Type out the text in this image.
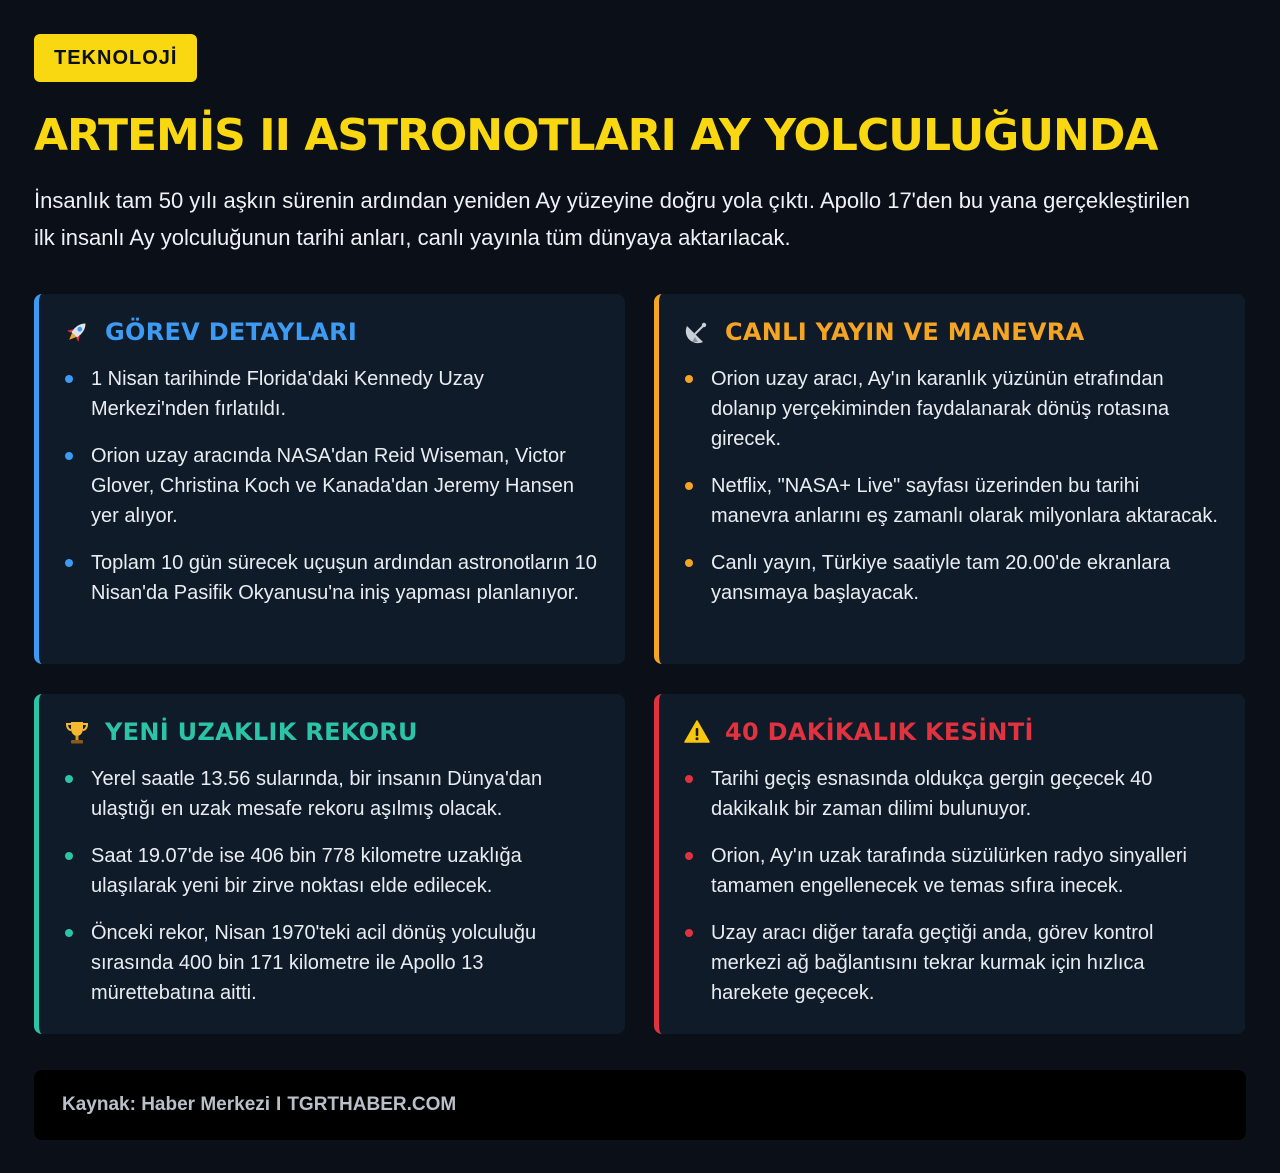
TEKNOLOJİ
ARTEMİS II ASTRONOTLARI AY YOLCULUĞUNDA

İnsanlık tam 50 yılı aşkın sürenin ardından yeniden Ay yüzeyine doğru yola çıktı. Apollo 17'den bu yana gerçekleştirilen ilk insanlı Ay yolculuğunun tarihi anları, canlı yayınla tüm dünyaya aktarılacak.

GÖREV DETAYLARI
1 Nisan tarihinde Florida'daki Kennedy Uzay Merkezi'nden fırlatıldı.
Orion uzay aracında NASA'dan Reid Wiseman, Victor Glover, Christina Koch ve Kanada'dan Jeremy Hansen yer alıyor.
Toplam 10 gün sürecek uçuşun ardından astronotların 10 Nisan'da Pasifik Okyanusu'na iniş yapması planlanıyor.
CANLI YAYIN VE MANEVRA
Orion uzay aracı, Ay'ın karanlık yüzünün etrafından dolanıp yerçekiminden faydalanarak dönüş rotasına girecek.
Netflix, "NASA+ Live" sayfası üzerinden bu tarihi manevra anlarını eş zamanlı olarak milyonlara aktaracak.
Canlı yayın, Türkiye saatiyle tam 20.00'de ekranlara yansımaya başlayacak.
YENİ UZAKLIK REKORU
Yerel saatle 13.56 sularında, bir insanın Dünya'dan ulaştığı en uzak mesafe rekoru aşılmış olacak.
Saat 19.07'de ise 406 bin 778 kilometre uzaklığa ulaşılarak yeni bir zirve noktası elde edilecek.
Önceki rekor, Nisan 1970'teki acil dönüş yolculuğu sırasında 400 bin 171 kilometre ile Apollo 13 mürettebatına aitti.
40 DAKİKALIK KESİNTİ
Tarihi geçiş esnasında oldukça gergin geçecek 40 dakikalık bir zaman dilimi bulunuyor.
Orion, Ay'ın uzak tarafında süzülürken radyo sinyalleri tamamen engellenecek ve temas sıfıra inecek.
Uzay aracı diğer tarafa geçtiği anda, görev kontrol merkezi ağ bağlantısını tekrar kurmak için hızlıca harekete geçecek.
Kaynak: Haber Merkezi I TGRTHABER.COM
